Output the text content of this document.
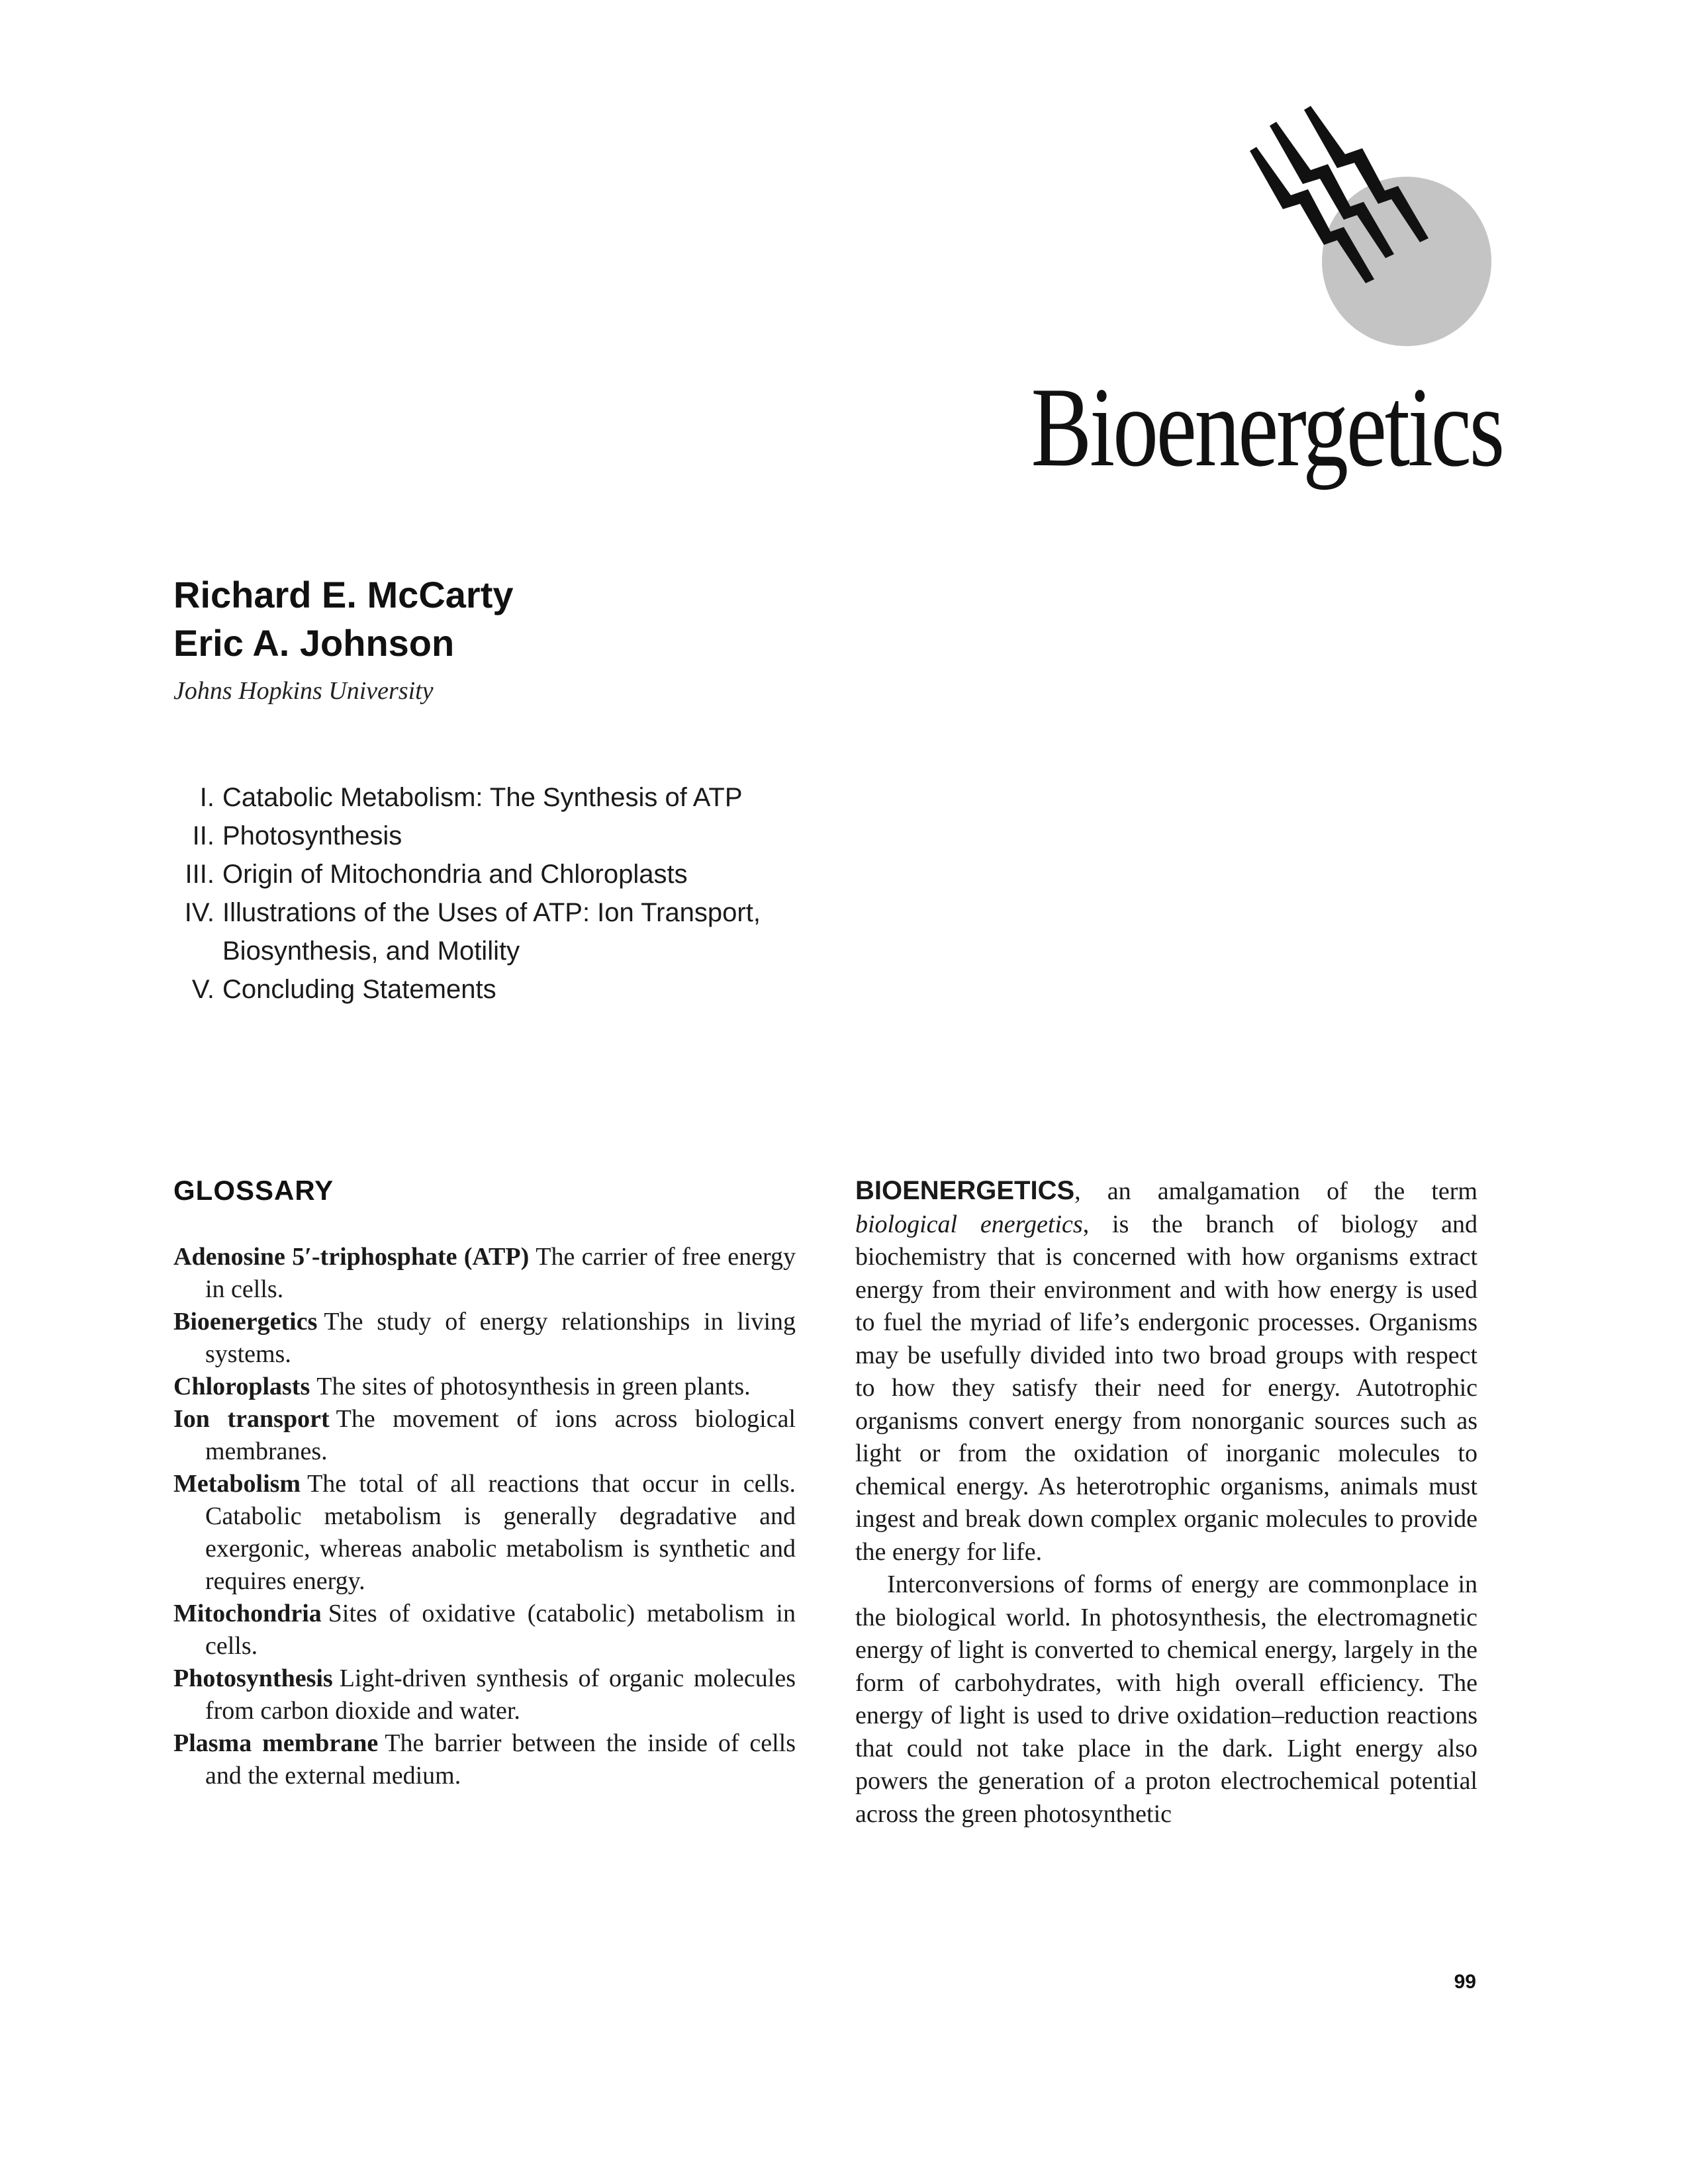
Bioenergetics
Richard E. McCarty
Eric A. Johnson
Johns Hopkins University
I. Catabolic Metabolism: The Synthesis of ATP
II. Photosynthesis
III. Origin of Mitochondria and Chloroplasts
IV. Illustrations of the Uses of ATP: Ion Transport, Biosynthesis, and Motility
V. Concluding Statements
GLOSSARY
Adenosine 5′-triphosphate (ATP) The carrier of free energy in cells.
Bioenergetics The study of energy relationships in living systems.
Chloroplasts The sites of photosynthesis in green plants.
Ion transport The movement of ions across biological membranes.
Metabolism The total of all reactions that occur in cells. Catabolic metabolism is generally degradative and exergonic, whereas anabolic metabolism is synthetic and requires energy.
Mitochondria Sites of oxidative (catabolic) metabolism in cells.
Photosynthesis Light-driven synthesis of organic molecules from carbon dioxide and water.
Plasma membrane The barrier between the inside of cells and the external medium.

BIOENERGETICS, an amalgamation of the term biological energetics, is the branch of biology and biochemistry that is concerned with how organisms extract energy from their environment and with how energy is used to fuel the myriad of life’s endergonic processes. Organisms may be usefully divided into two broad groups with respect to how they satisfy their need for energy. Autotrophic organisms convert energy from nonorganic sources such as light or from the oxidation of inorganic molecules to chemical energy. As heterotrophic organisms, animals must ingest and break down complex organic molecules to provide the energy for life.

Interconversions of forms of energy are commonplace in the biological world. In photosynthesis, the electromagnetic energy of light is converted to chemical energy, largely in the form of carbohydrates, with high overall efficiency. The energy of light is used to drive oxidation–reduction reactions that could not take place in the dark. Light energy also powers the generation of a proton electrochemical potential across the green photosynthetic

99
